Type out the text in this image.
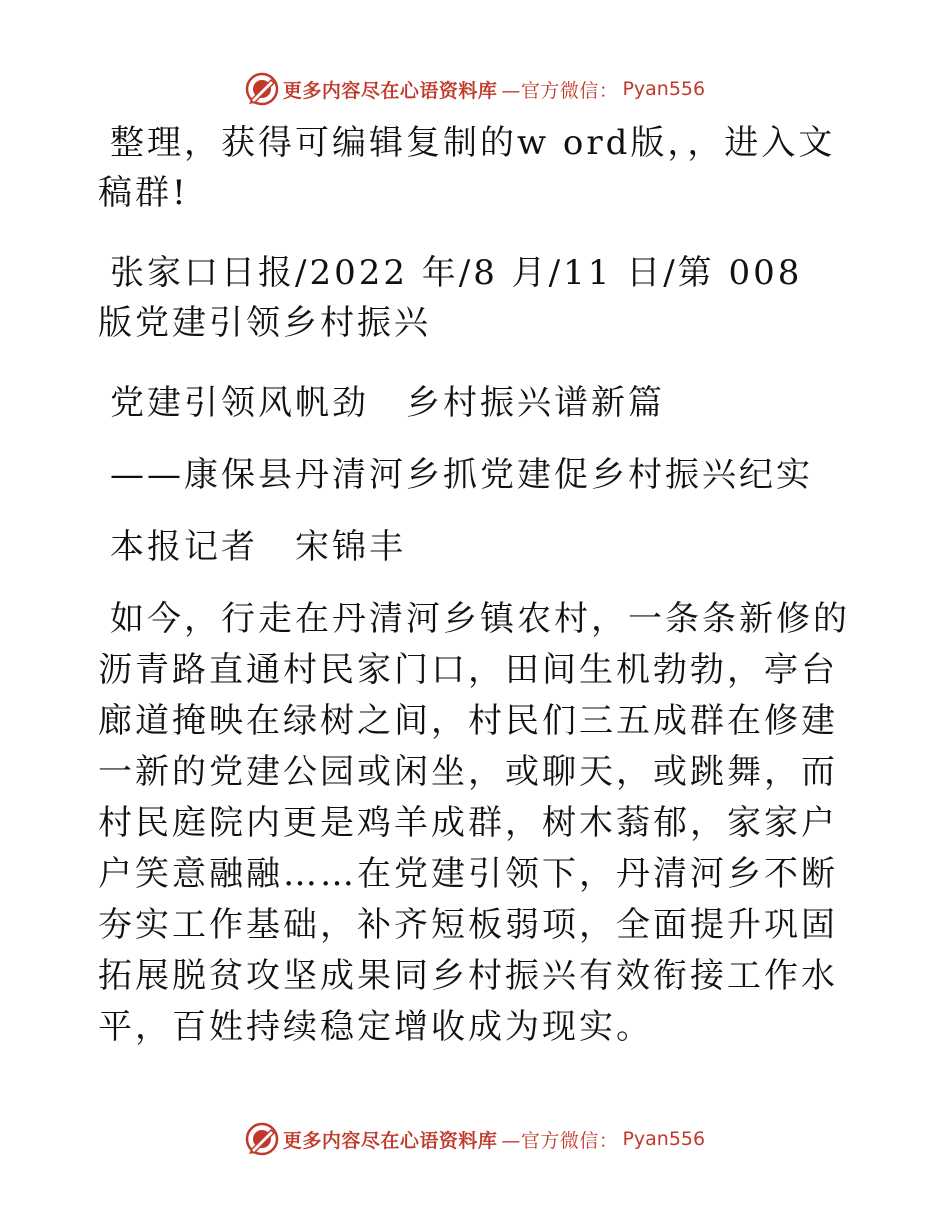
更多内容尽在心语资料库 —官方微信： Pyan556

整理，获得可编辑复制的w ord版，，进入文稿群!

张家口日报/2022 年/8 月/11 日/第 008 版党建引领乡村振兴

党建引领风帆劲　乡村振兴谱新篇

——康保县丹清河乡抓党建促乡村振兴纪实

本报记者　宋锦丰

如今，行走在丹清河乡镇农村，一条条新修的沥青路直通村民家门口，田间生机勃勃，亭台廊道掩映在绿树之间，村民们三五成群在修建一新的党建公园或闲坐，或聊天，或跳舞，而村民庭院内更是鸡羊成群，树木蓊郁，家家户户笑意融融……在党建引领下，丹清河乡不断夯实工作基础，补齐短板弱项，全面提升巩固拓展脱贫攻坚成果同乡村振兴有效衔接工作水平，百姓持续稳定增收成为现实。

更多内容尽在心语资料库 —官方微信： Pyan556
